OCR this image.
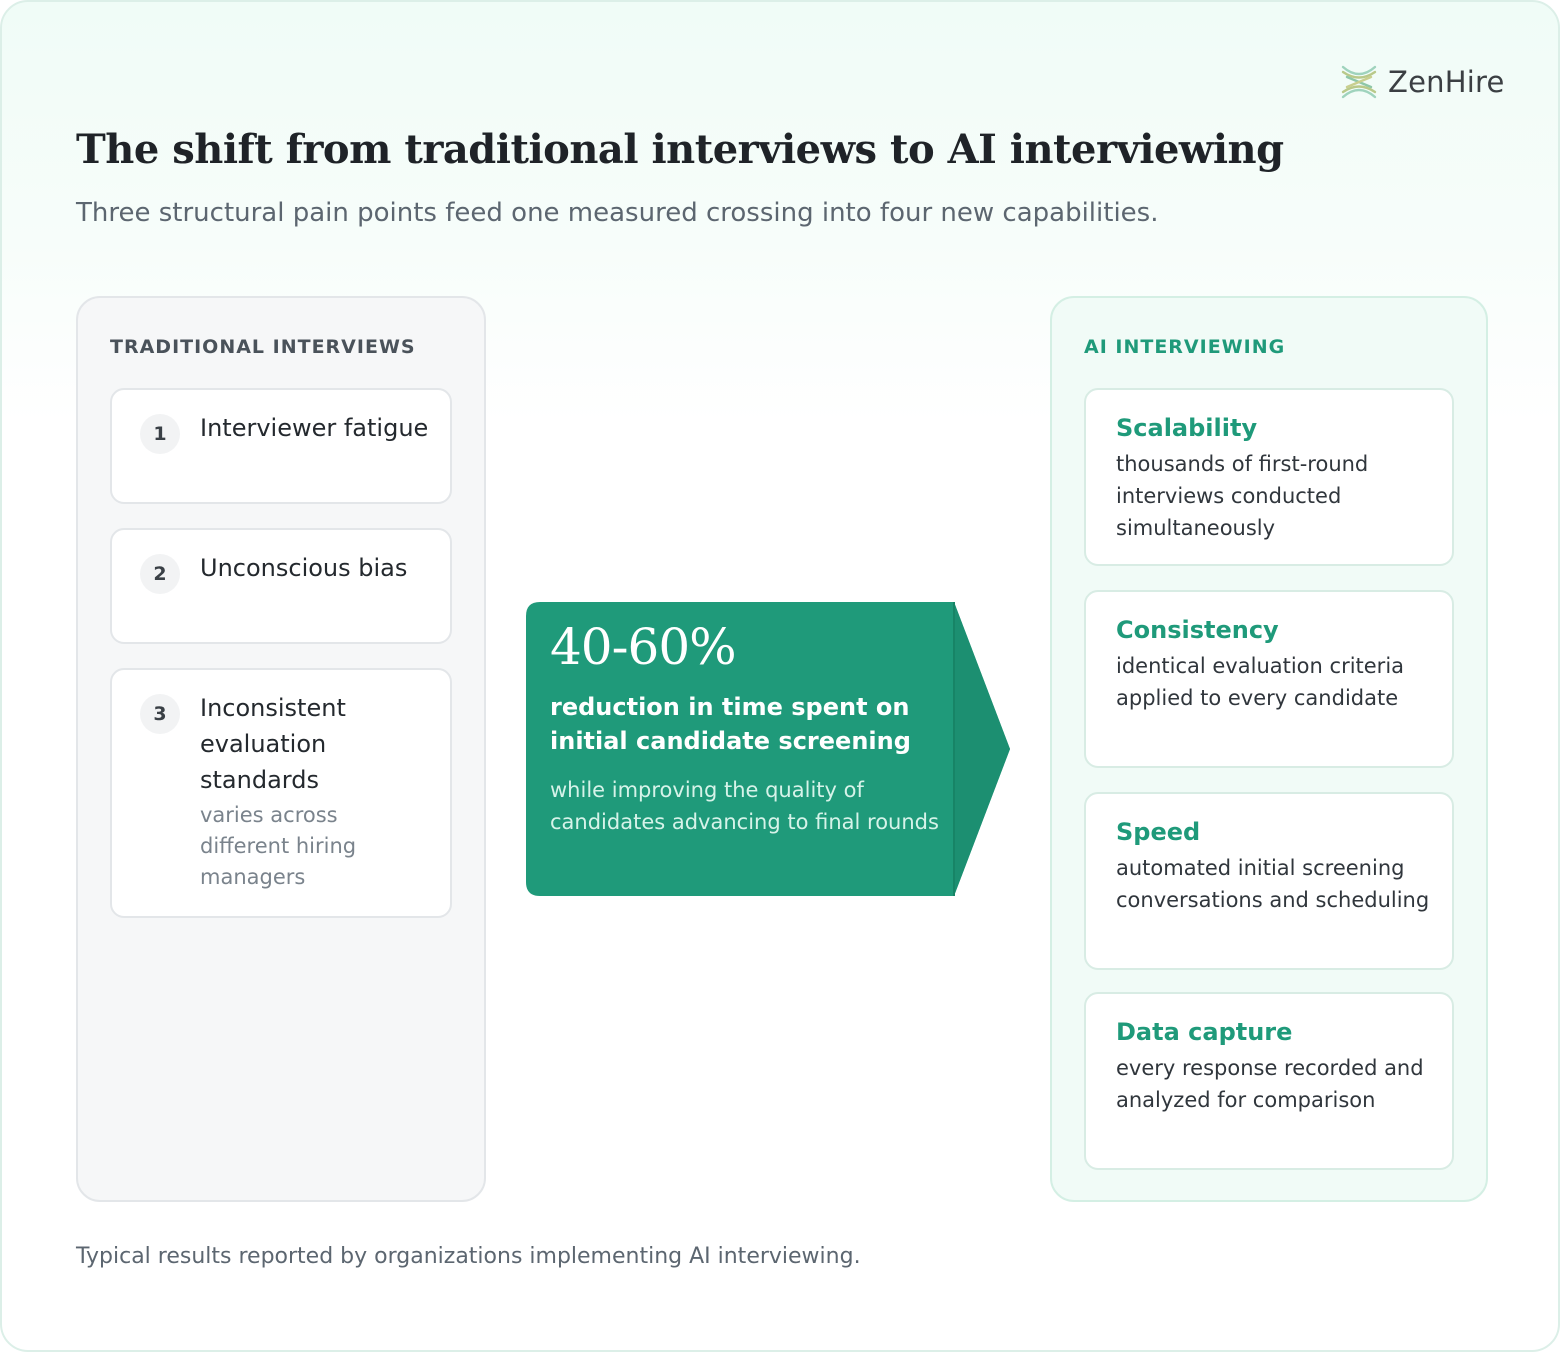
ZenHire
The shift from traditional interviews to AI interviewing

Three structural pain points feed one measured crossing into four new capabilities.

TRADITIONAL INTERVIEWS
1	Interviewer fatigue
2	Unconscious bias
3	Inconsistent evaluation standards
varies across different hiring managers
40-60%
reduction in time spent on initial candidate screening
while improving the quality of candidates advancing to final rounds
AI INTERVIEWING
Scalability
thousands of first-round interviews conducted simultaneously
Consistency
identical evaluation criteria applied to every candidate
Speed
automated initial screening conversations and scheduling
Data capture
every response recorded and analyzed for comparison

Typical results reported by organizations implementing AI interviewing.
